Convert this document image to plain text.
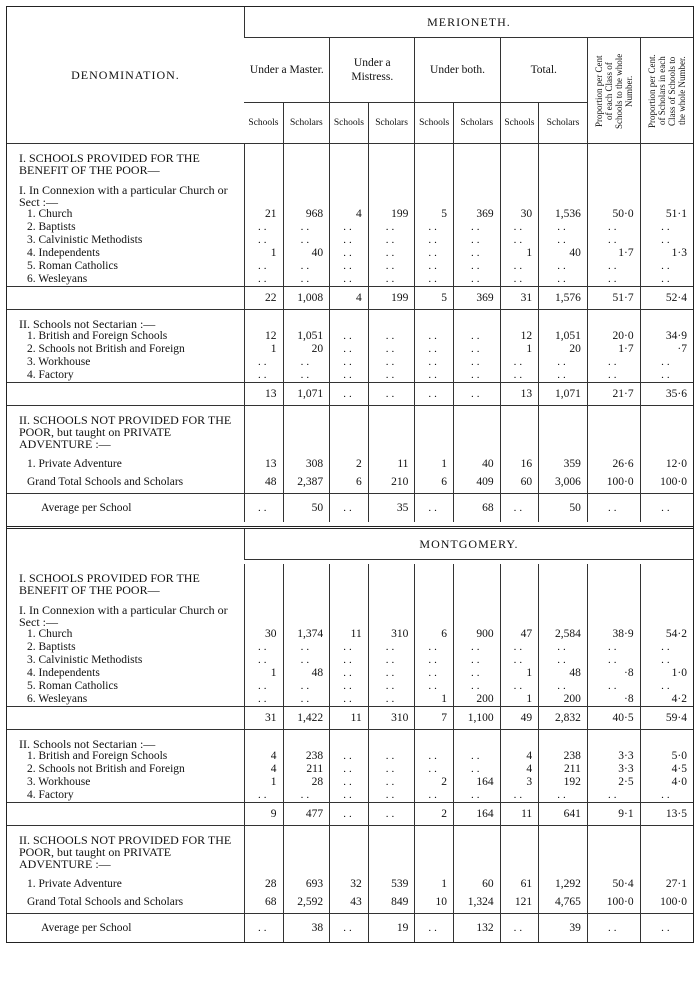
DENOMINATION.	MERIONETH.									
	Under a Master.		Under a Mistress.		Under both.		Total.		Proportion per Cent of each Class of Schools to the whole Number.	Proportion per Cent. of Scholars in each Class of Schools to the whole Number.

	Schools	Scholars	Schools	Scholars	Schools	Scholars	Schools	Scholars		

I. SCHOOLS PROVIDED FOR THE BENEFIT OF THE POOR—										

I. In Connexion with a particular Church or Sect :—										
1. Church	21	968	4	199	5	369	30	1,536	50·0	51·1
2. Baptists	..	..	..	..	..	..	..	..	..	..
3. Calvinistic Methodists	..	..	..	..	..	..	..	..	..	..
4. Independents	1	40	..	..	..	..	1	40	1·7	1·3
5. Roman Catholics	..	..	..	..	..	..	..	..	..	..
6. Wesleyans	..	..	..	..	..	..	..	..	..	..
	22	1,008	4	199	5	369	31	1,576	51·7	52·4

II. Schools not Sectarian :—										
1. British and Foreign Schools	12	1,051	..	..	..	..	12	1,051	20·0	34·9
2. Schools not British and Foreign	1	20	..	..	..	..	1	20	1·7	·7
3. Workhouse	..	..	..	..	..	..	..	..	..	..
4. Factory	..	..	..	..	..	..	..	..	..	..
	13	1,071	..	..	..	..	13	1,071	21·7	35·6

II. SCHOOLS NOT PROVIDED FOR THE POOR, but taught on PRIVATE ADVENTURE :—										

1. Private Adventure	13	308	2	11	1	40	16	359	26·6	12·0
Grand Total Schools and Scholars	48	2,387	6	210	6	409	60	3,006	100·0	100·0
Average per School	..	50	..	35	..	68	..	50	..	..

	MONTGOMERY.									

I. SCHOOLS PROVIDED FOR THE BENEFIT OF THE POOR—										

I. In Connexion with a particular Church or Sect :—										
1. Church	30	1,374	11	310	6	900	47	2,584	38·9	54·2
2. Baptists	..	..	..	..	..	..	..	..	..	..
3. Calvinistic Methodists	..	..	..	..	..	..	..	..	..	..
4. Independents	1	48	..	..	..	..	1	48	·8	1·0
5. Roman Catholics	..	..	..	..	..	..	..	..	..	..
6. Wesleyans	..	..	..	..	1	200	1	200	·8	4·2
	31	1,422	11	310	7	1,100	49	2,832	40·5	59·4

II. Schools not Sectarian :—										
1. British and Foreign Schools	4	238	..	..	..	..	4	238	3·3	5·0
2. Schools not British and Foreign	4	211	..	..	..	..	4	211	3·3	4·5
3. Workhouse	1	28	..	..	2	164	3	192	2·5	4·0
4. Factory	..	..	..	..	..	..	..	..	..	..
	9	477	..	..	2	164	11	641	9·1	13·5

II. SCHOOLS NOT PROVIDED FOR THE POOR, but taught on PRIVATE ADVENTURE :—										

1. Private Adventure	28	693	32	539	1	60	61	1,292	50·4	27·1
Grand Total Schools and Scholars	68	2,592	43	849	10	1,324	121	4,765	100·0	100·0
Average per School	..	38	..	19	..	132	..	39	..	..
